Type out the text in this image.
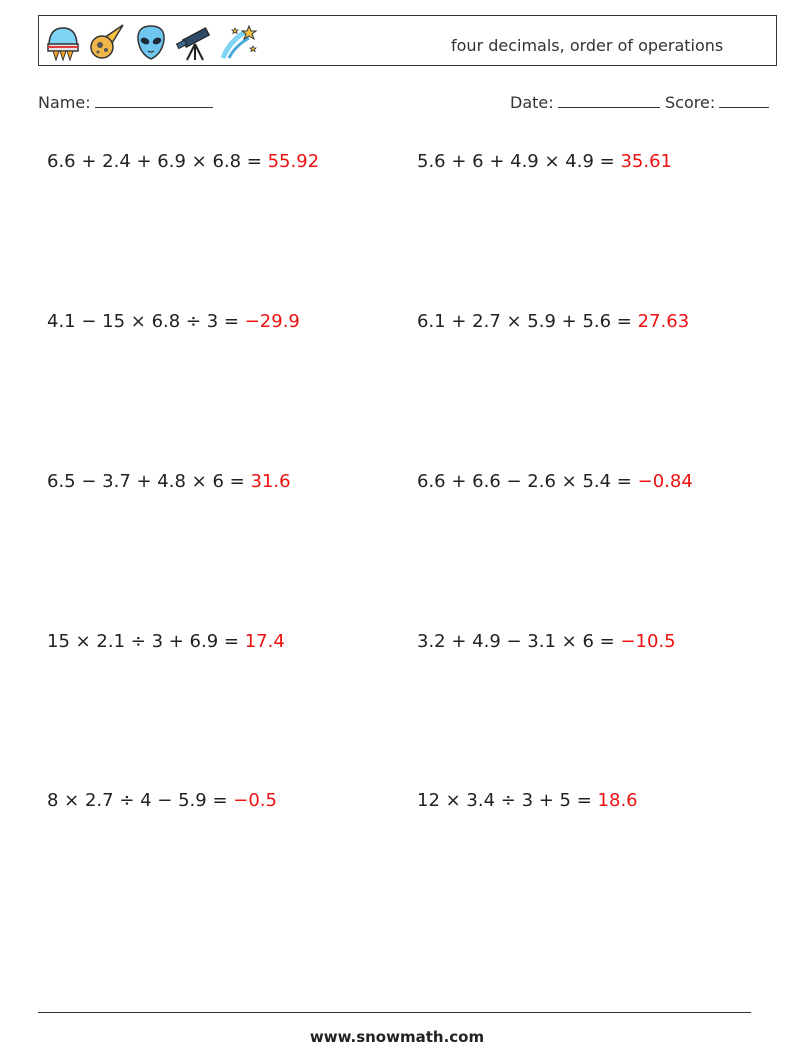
four decimals, order of operations
Name:	Date:	Score:
6.6 + 2.4 + 6.9 × 6.8 = 55.92	5.6 + 6 + 4.9 × 4.9 = 35.61
4.1 − 15 × 6.8 ÷ 3 = −29.9	6.1 + 2.7 × 5.9 + 5.6 = 27.63
6.5 − 3.7 + 4.8 × 6 = 31.6	6.6 + 6.6 − 2.6 × 5.4 = −0.84
15 × 2.1 ÷ 3 + 6.9 = 17.4	3.2 + 4.9 − 3.1 × 6 = −10.5
8 × 2.7 ÷ 4 − 5.9 = −0.5	12 × 3.4 ÷ 3 + 5 = 18.6
www.snowmath.com
